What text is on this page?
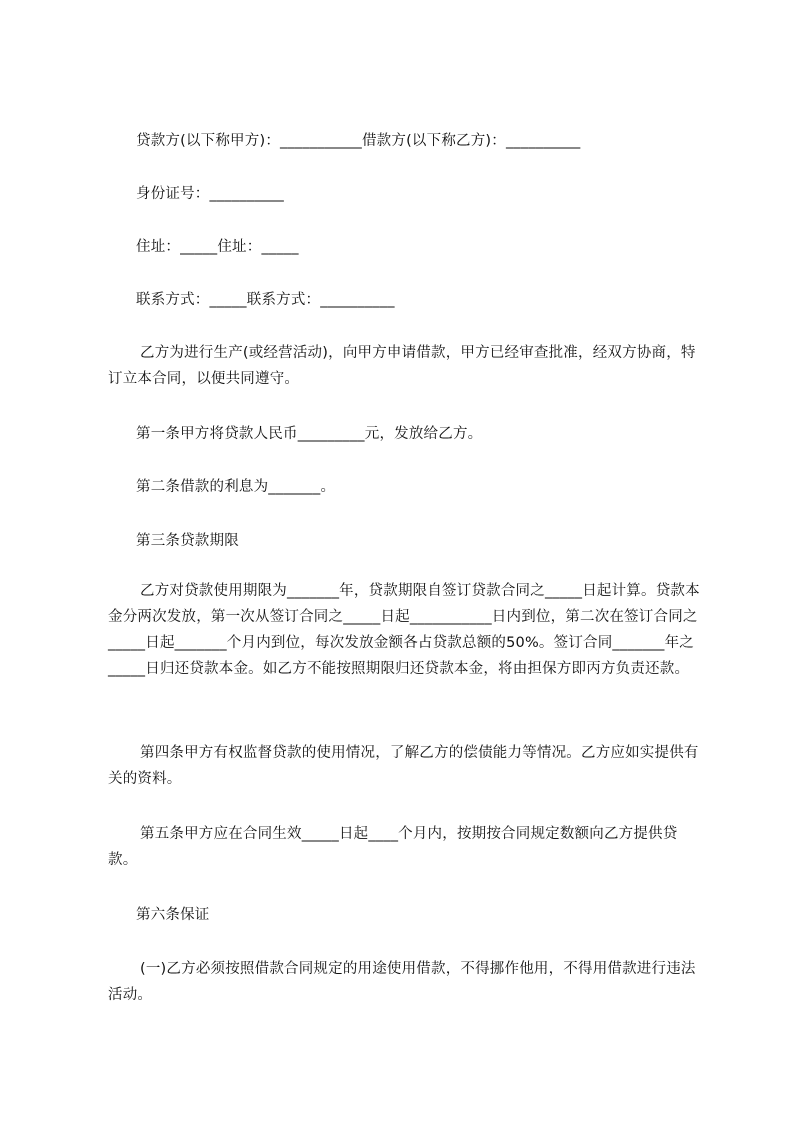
贷款方(以下称甲方)：___________借款方(以下称乙方)：__________

身份证号：__________

住址：_____住址：_____

联系方式：_____联系方式：__________

乙方为进行生产(或经营活动)，向甲方申请借款，甲方已经审查批准，经双方协商，特订立本合同，以便共同遵守。

第一条甲方将贷款人民币_________元，发放给乙方。

第二条借款的利息为_______。

第三条贷款期限

乙方对贷款使用期限为_______年，贷款期限自签订贷款合同之_____日起计算。贷款本金分两次发放，第一次从签订合同之_____日起___________日内到位，第二次在签订合同之_____日起_______个月内到位，每次发放金额各占贷款总额的50%。签订合同_______年之_____日归还贷款本金。如乙方不能按照期限归还贷款本金，将由担保方即丙方负责还款。

第四条甲方有权监督贷款的使用情况，了解乙方的偿债能力等情况。乙方应如实提供有关的资料。

第五条甲方应在合同生效_____日起____个月内，按期按合同规定数额向乙方提供贷款。

第六条保证

(一)乙方必须按照借款合同规定的用途使用借款，不得挪作他用，不得用借款进行违法活动。
